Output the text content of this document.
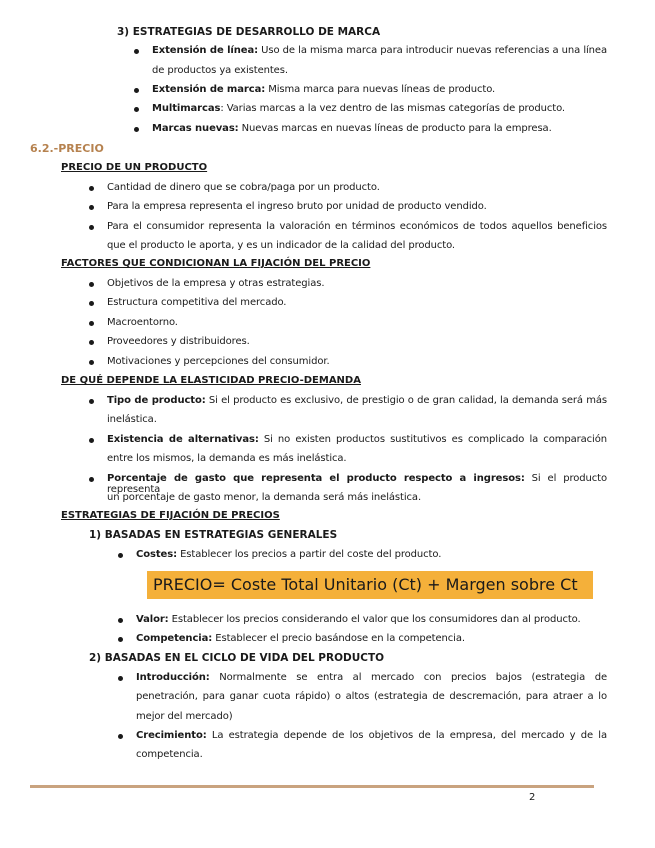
3) ESTRATEGIAS DE DESARROLLO DE MARCA
Extensión de línea: Uso de la misma marca para introducir nuevas referencias a una línea
de productos ya existentes.
Extensión de marca: Misma marca para nuevas líneas de producto.
Multimarcas: Varias marcas a la vez dentro de las mismas categorías de producto.
Marcas nuevas: Nuevas marcas en nuevas líneas de producto para la empresa.
6.2.-PRECIO
PRECIO DE UN PRODUCTO
Cantidad de dinero que se cobra/paga por un producto.
Para la empresa representa el ingreso bruto por unidad de producto vendido.
Para el consumidor representa la valoración en términos económicos de todos aquellos beneficios
que el producto le aporta, y es un indicador de la calidad del producto.
FACTORES QUE CONDICIONAN LA FIJACIÓN DEL PRECIO
Objetivos de la empresa y otras estrategias.
Estructura competitiva del mercado.
Macroentorno.
Proveedores y distribuidores.
Motivaciones y percepciones del consumidor.
DE QUÉ DEPENDE LA ELASTICIDAD PRECIO-DEMANDA
Tipo de producto: Si el producto es exclusivo, de prestigio o de gran calidad, la demanda será más
inelástica.
Existencia de alternativas: Si no existen productos sustitutivos es complicado la comparación
entre los mismos, la demanda es más inelástica.
Porcentaje de gasto que representa el producto respecto a ingresos: Si el producto representa
un porcentaje de gasto menor, la demanda será más inelástica.
ESTRATEGIAS DE FIJACIÓN DE PRECIOS
1) BASADAS EN ESTRATEGIAS GENERALES
Costes: Establecer los precios a partir del coste del producto.
PRECIO= Coste Total Unitario (Ct) + Margen sobre Ct
Valor: Establecer los precios considerando el valor que los consumidores dan al producto.
Competencia: Establecer el precio basándose en la competencia.
2) BASADAS EN EL CICLO DE VIDA DEL PRODUCTO
Introducción: Normalmente se entra al mercado con precios bajos (estrategia de
penetración, para ganar cuota rápido) o altos (estrategia de descremación, para atraer a lo
mejor del mercado)
Crecimiento: La estrategia depende de los objetivos de la empresa, del mercado y de la
competencia.
2
